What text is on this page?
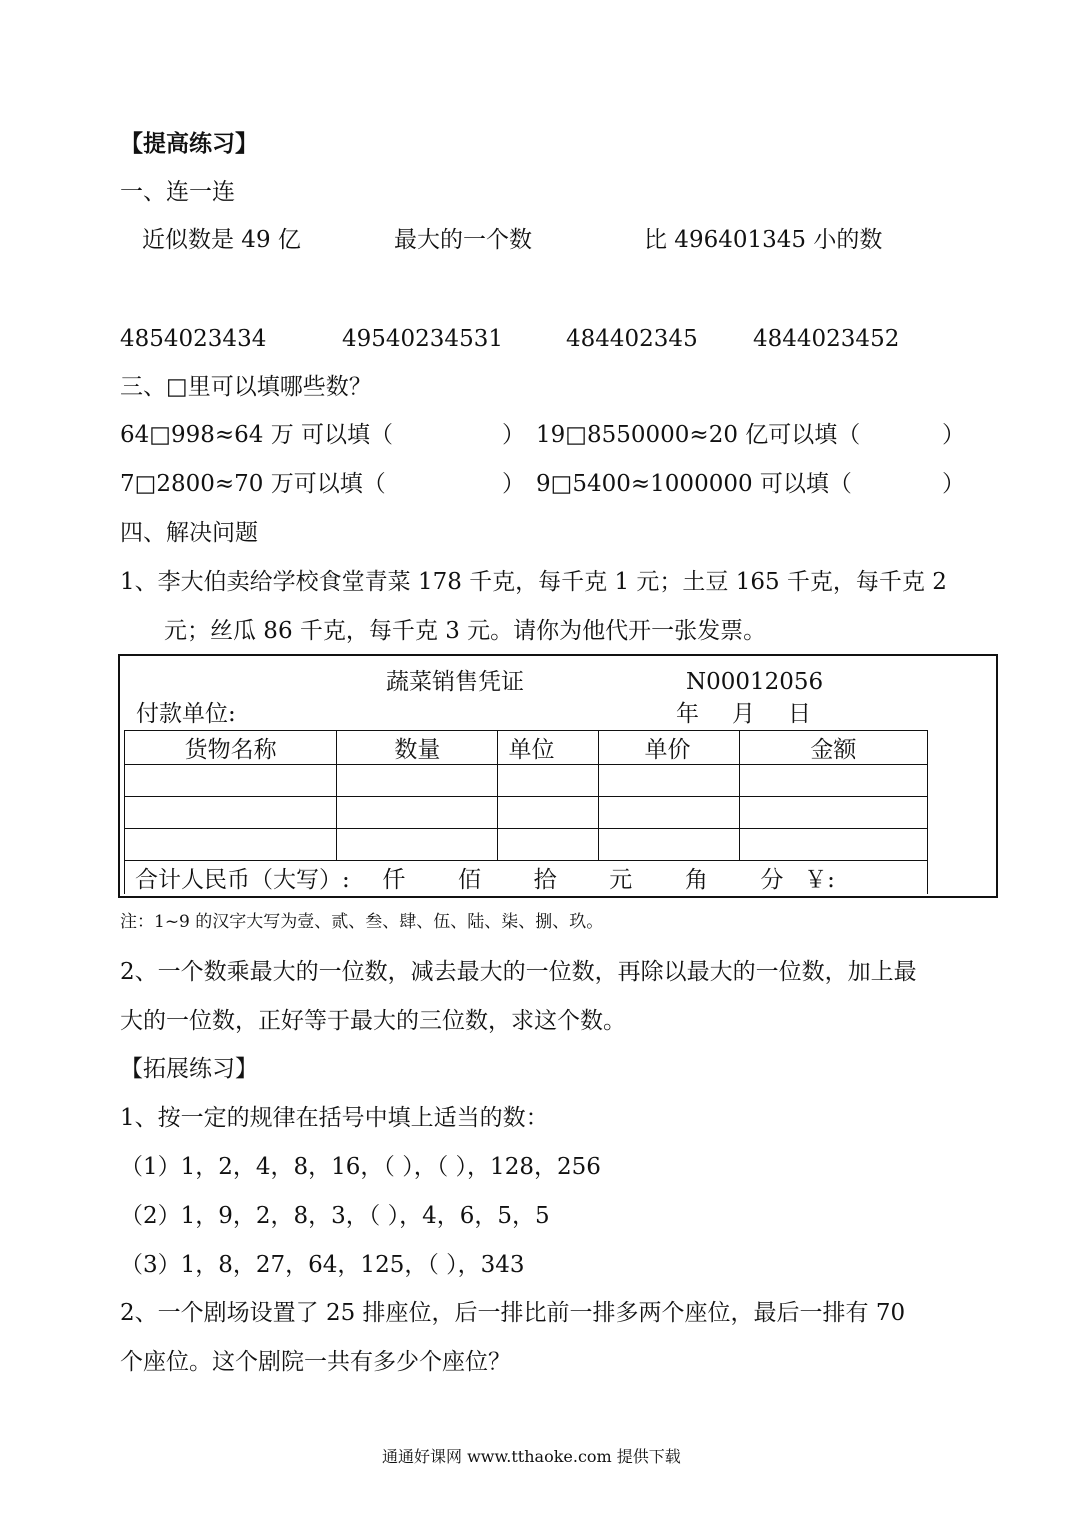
【提高练习】
一、连一连
近似数是 49 亿	最大的一个数	比 496401345 小的数
4854023434	49540234531	484402345 4844023452
三、□里可以填哪些数？
64□998≈64 万 可以填（	） 19□8550000≈20 亿可以填（	）
7□2800≈70 万可以填（	） 9□5400≈1000000 可以填（	）
四、解决问题
1、李大伯卖给学校食堂青菜 178 千克，每千克 1 元；土豆 165 千克，每千克 2
元；丝瓜 86 千克，每千克 3 元。请你为他代开一张发票。
蔬菜销售凭证	N00012056
付款单位:	年 月 日
货物名称	数量	单位	单价	金额

合计人民币（大写）: 仟 佰 拾 元 角 分 ￥:				
注：1~9 的汉字大写为壹、贰、叁、肆、伍、陆、柒、捌、玖。
2、一个数乘最大的一位数，减去最大的一位数，再除以最大的一位数，加上最
大的一位数，正好等于最大的三位数，求这个数。
【拓展练习】
1、按一定的规律在括号中填上适当的数：
（1）1，2，4，8，16，（ ），（ ），128，256
（2）1，9，2，8，3，（ ），4，6，5，5
（3）1，8，27，64，125，（ ），343
2、一个剧场设置了 25 排座位，后一排比前一排多两个座位，最后一排有 70
个座位。这个剧院一共有多少个座位？
通通好课网 www.tthaoke.com 提供下载
